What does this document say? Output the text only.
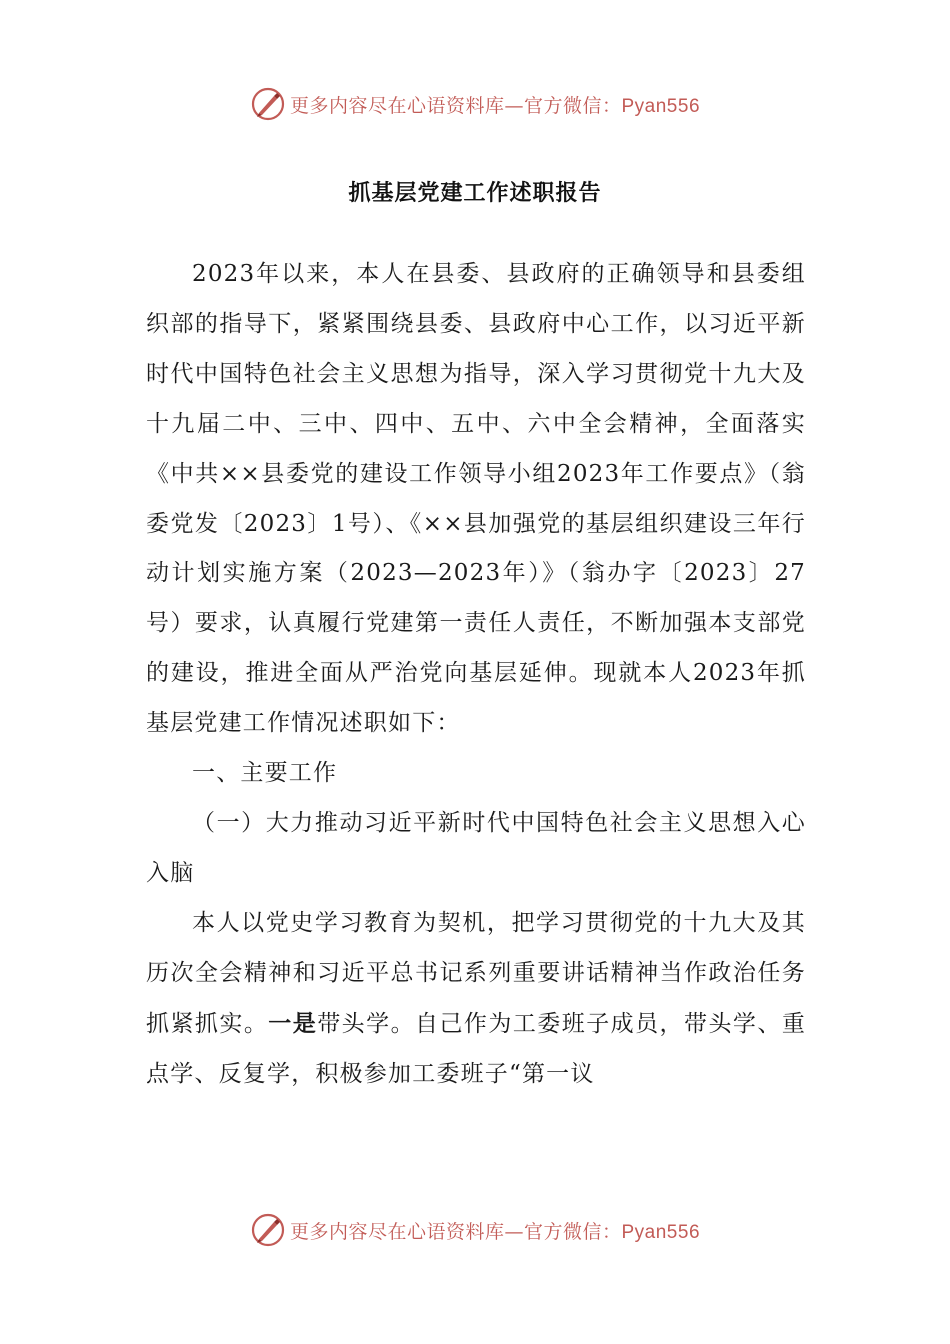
更多内容尽在心语资料库—官方微信：Pyan556
抓基层党建工作述职报告

2023年以来，本人在县委、县政府的正确领导和县委组织部的指导下，紧紧围绕县委、县政府中心工作，以习近平新时代中国特色社会主义思想为指导，深入学习贯彻党十九大及十九届二中、三中、四中、五中、六中全会精神，全面落实《中共××县委党的建设工作领导小组2023年工作要点》（翁委党发〔2023〕1号）、《××县加强党的基层组织建设三年行动计划实施方案（2023—2023年）》（翁办字〔2023〕27号）要求，认真履行党建第一责任人责任，不断加强本支部党的建设，推进全面从严治党向基层延伸。现就本人2023年抓基层党建工作情况述职如下：

一、主要工作

（一）大力推动习近平新时代中国特色社会主义思想入心入脑

本人以党史学习教育为契机，把学习贯彻党的十九大及其历次全会精神和习近平总书记系列重要讲话精神当作政治任务抓紧抓实。一是带头学。自己作为工委班子成员，带头学、重点学、反复学，积极参加工委班子“第一议

更多内容尽在心语资料库—官方微信：Pyan556
